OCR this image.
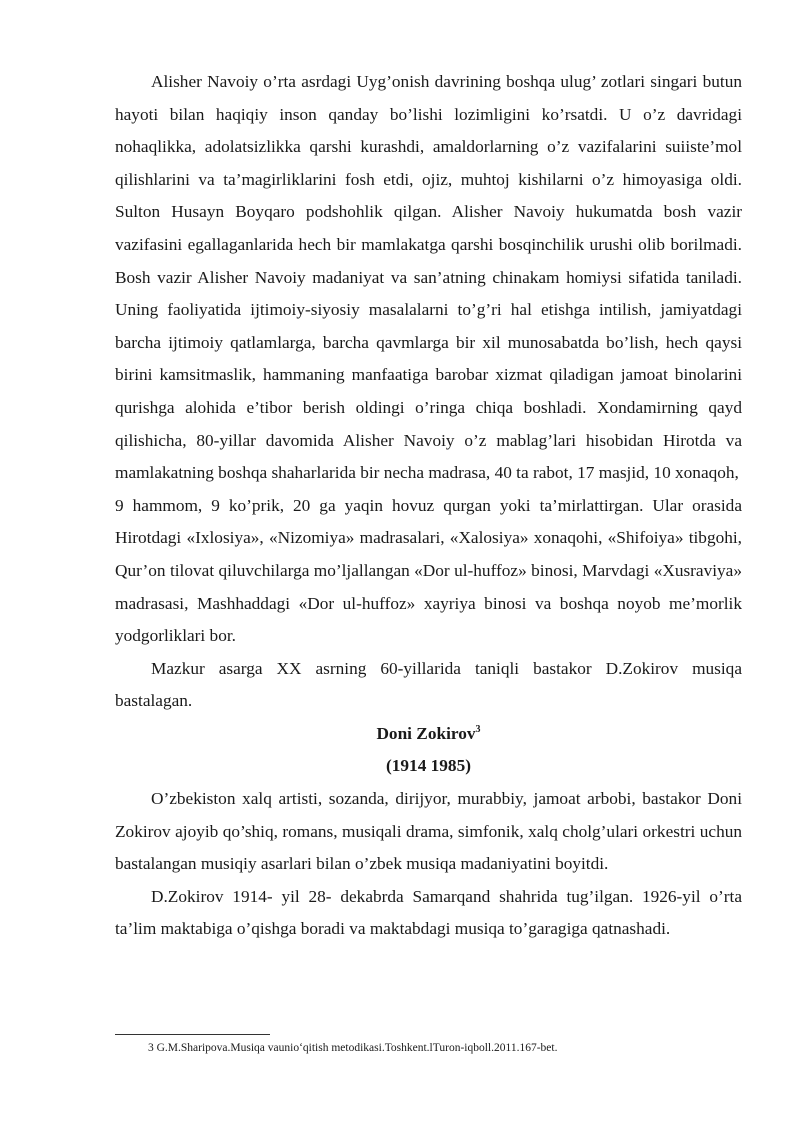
Alisher Navoiy o’rta asrdagi Uyg’onish davrining boshqa ulug’ zotlari singari butun hayoti bilan haqiqiy inson qanday bo’lishi lozimligini ko’rsatdi. U o’z davridagi nohaqlikka, adolatsizlikka qarshi kurashdi, amaldorlarning o’z vazifalarini suiiste’mol qilishlarini va ta’magirliklarini fosh etdi, ojiz, muhtoj kishilarni o’z himoyasiga oldi. Sulton Husayn Boyqaro podshohlik qilgan. Alisher Navoiy hukumatda bosh vazir vazifasini egallaganlarida hech bir mamlakatga qarshi bosqinchilik urushi olib borilmadi. Bosh vazir Alisher Navoiy madaniyat va san’atning chinakam homiysi sifatida taniladi. Uning faoliyatida ijtimoiy-siyosiy masalalarni to’g’ri hal etishga intilish, jamiyatdagi barcha ijtimoiy qatlamlarga, barcha qavmlarga bir xil munosabatda bo’lish, hech qaysi birini kamsitmaslik, hammaning manfaatiga barobar xizmat qiladigan jamoat binolarini qurishga alohida e’tibor berish oldingi o’ringa chiqa boshladi. Xondamirning qayd qilishicha, 80-yillar davomida Alisher Navoiy o’z mablag’lari hisobidan Hirotda va mamlakatning boshqa shaharlarida bir necha madrasa, 40 ta rabot, 17 masjid, 10 xonaqoh,

9 hammom, 9 ko’prik, 20 ga yaqin hovuz qurgan yoki ta’mirlattirgan. Ular orasida Hirotdagi «Ixlosiya», «Nizomiya» madrasalari, «Xalosiya» xonaqohi, «Shifoiya» tibgohi, Qur’on tilovat qiluvchilarga mo’ljallangan «Dor ul-huffoz» binosi, Marvdagi «Xusraviya» madrasasi, Mashhaddagi «Dor ul-huffoz» xayriya binosi va boshqa noyob me’morlik yodgorliklari bor.

Mazkur asarga XX asrning 60-yillarida taniqli bastakor D.Zokirov musiqa bastalagan.

Doni Zokirov$^3$

(1914 1985)

O’zbekiston xalq artisti, sozanda, dirijyor, murabbiy, jamoat arbobi, bastakor Doni Zokirov ajoyib qo’shiq, romans, musiqali drama, simfonik, xalq cholg’ulari orkestri uchun bastalangan musiqiy asarlari bilan o’zbek musiqa madaniyatini boyitdi.

D.Zokirov 1914- yil 28- dekabrda Samarqand shahrida tug’ilgan. 1926-yil o’rta ta’lim maktabiga o’qishga boradi va maktabdagi musiqa to’garagiga qatnashadi.

3 G.M.Sharipova.Musiqa vaunio‘qitish metodikasi.Toshkent.lTuron-iqboll.2011.167-bet.
